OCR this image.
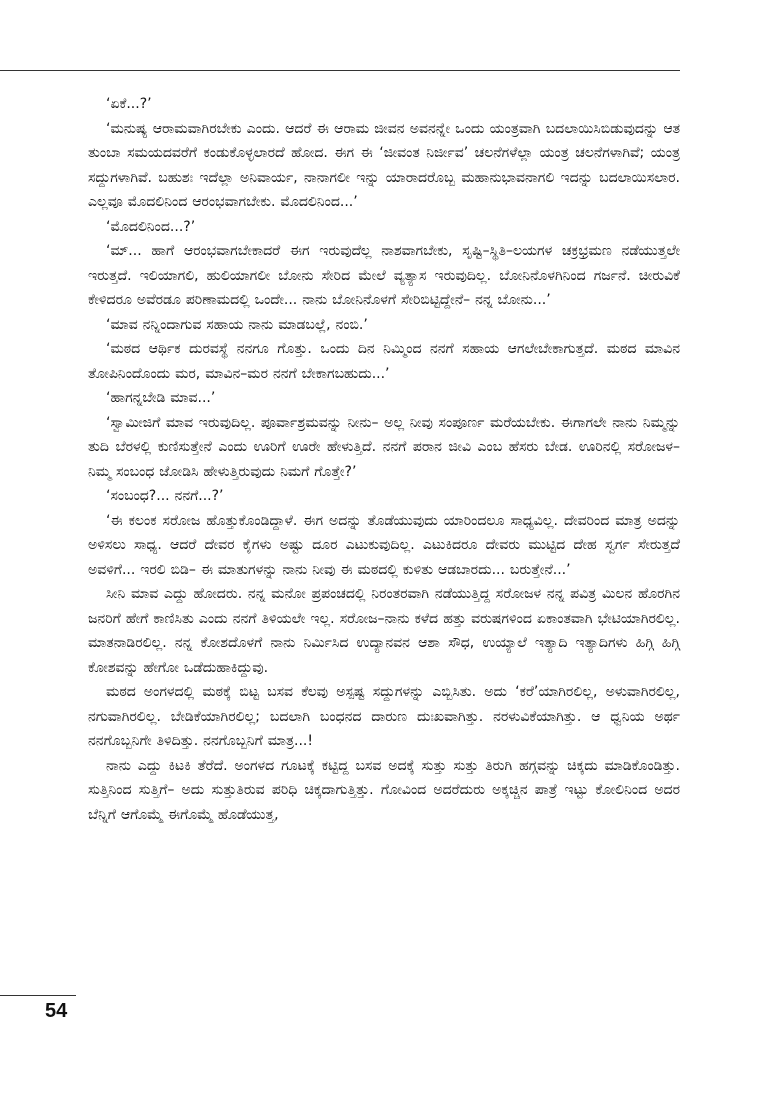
‘ಏಕೆ...?’

‘ಮನುಷ್ಯ ಆರಾಮವಾಗಿರಬೇಕು ಎಂದು. ಆದರೆ ಈ ಆರಾಮ ಜೀವನ ಅವನನ್ನೇ ಒಂದು ಯಂತ್ರವಾಗಿ ಬದಲಾಯಿಸಿಬಿಡುವುದನ್ನು ಆತ ತುಂಬಾ ಸಮಯದವರೆಗೆ ಕಂಡುಕೊಳ್ಳಲಾರದೆ ಹೋದ. ಈಗ ಈ ‘ಜೀವಂತ ನಿರ್ಜೀವ’ ಚಲನೆಗಳೆಲ್ಲಾ ಯಂತ್ರ ಚಲನೆಗಳಾಗಿವೆ; ಯಂತ್ರ ಸದ್ದುಗಳಾಗಿವೆ. ಬಹುಶಃ ಇದೆಲ್ಲಾ ಅನಿವಾರ್ಯ, ನಾನಾಗಲೀ ಇನ್ನು ಯಾರಾದರೊಬ್ಬ ಮಹಾನುಭಾವನಾಗಲಿ ಇದನ್ನು ಬದಲಾಯಿಸಲಾರ. ಎಲ್ಲವೂ ಮೊದಲಿನಿಂದ ಆರಂಭವಾಗಬೇಕು. ಮೊದಲಿನಿಂದ...’

‘ಮೊದಲಿನಿಂದ...?’

‘ಮ್... ಹಾಗೆ ಆರಂಭವಾಗಬೇಕಾದರೆ ಈಗ ಇರುವುದೆಲ್ಲ ನಾಶವಾಗಬೇಕು, ಸೃಷ್ಟಿ–ಸ್ಥಿತಿ–ಲಯಗಳ ಚಕ್ರಭ್ರಮಣ ನಡೆಯುತ್ತಲೇ ಇರುತ್ತದೆ. ಇಲಿಯಾಗಲಿ, ಹುಲಿಯಾಗಲೀ ಬೋನು ಸೇರಿದ ಮೇಲೆ ವ್ಯತ್ಯಾಸ ಇರುವುದಿಲ್ಲ. ಬೋನಿನೊಳಗಿನಿಂದ ಗರ್ಜನೆ. ಚೀರುವಿಕೆ ಕೇಳಿದರೂ ಅವೆರಡೂ ಪರಿಣಾಮದಲ್ಲಿ ಒಂದೇ... ನಾನು ಬೋನಿನೊಳಗೆ ಸೇರಿಬಿಟ್ಟಿದ್ದೇನೆ– ನನ್ನ ಬೋನು...’

‘ಮಾವ ನನ್ನಿಂದಾಗುವ ಸಹಾಯ ನಾನು ಮಾಡಬಲ್ಲೆ, ನಂಬಿ.’

‘ಮಠದ ಆರ್ಥಿಕ ದುರವಸ್ಥೆ ನನಗೂ ಗೊತ್ತು. ಒಂದು ದಿನ ನಿಮ್ಮಿಂದ ನನಗೆ ಸಹಾಯ ಆಗಲೇಬೇಕಾಗುತ್ತದೆ. ಮಠದ ಮಾವಿನ ತೋಪಿನಿಂದೊಂದು ಮರ, ಮಾವಿನ–ಮರ ನನಗೆ ಬೇಕಾಗಬಹುದು...’

‘ಹಾಗನ್ನಬೇಡಿ ಮಾವ...’

‘ಸ್ವಾಮೀಜಿಗೆ ಮಾವ ಇರುವುದಿಲ್ಲ. ಪೂರ್ವಾಶ್ರಮವನ್ನು ನೀನು– ಅಲ್ಲ ನೀವು ಸಂಪೂರ್ಣ ಮರೆಯಬೇಕು. ಈಗಾಗಲೇ ನಾನು ನಿಮ್ಮನ್ನು ತುದಿ ಬೆರಳಲ್ಲಿ ಕುಣಿಸುತ್ತೇನೆ ಎಂದು ಊರಿಗೆ ಊರೇ ಹೇಳುತ್ತಿದೆ. ನನಗೆ ಪರಾನ ಜೀವಿ ಎಂಬ ಹೆಸರು ಬೇಡ. ಊರಿನಲ್ಲಿ ಸರೋಜಳ– ನಿಮ್ಮ ಸಂಬಂಧ ಜೋಡಿಸಿ ಹೇಳುತ್ತಿರುವುದು ನಿಮಗೆ ಗೊತ್ತೇ?’

‘ಸಂಬಂಧ?... ನನಗೆ...?’

‘ಈ ಕಲಂಕ ಸರೋಜ ಹೊತ್ತುಕೊಂಡಿದ್ದಾಳೆ. ಈಗ ಅದನ್ನು ತೊಡೆಯುವುದು ಯಾರಿಂದಲೂ ಸಾಧ್ಯವಿಲ್ಲ. ದೇವರಿಂದ ಮಾತ್ರ ಅದನ್ನು ಅಳಿಸಲು ಸಾಧ್ಯ. ಆದರೆ ದೇವರ ಕೈಗಳು ಅಷ್ಟು ದೂರ ಎಟುಕುವುದಿಲ್ಲ. ಎಟುಕಿದರೂ ದೇವರು ಮುಟ್ಟಿದ ದೇಹ ಸ್ವರ್ಗ ಸೇರುತ್ತದೆ ಅವಳಿಗೆ... ಇರಲಿ ಬಿಡಿ– ಈ ಮಾತುಗಳನ್ನು ನಾನು ನೀವು ಈ ಮಠದಲ್ಲಿ ಕುಳಿತು ಆಡಬಾರದು... ಬರುತ್ತೇನೆ...’

ಸೀನಿ ಮಾವ ಎದ್ದು ಹೋದರು. ನನ್ನ ಮನೋ ಪ್ರಪಂಚದಲ್ಲಿ ನಿರಂತರವಾಗಿ ನಡೆಯುತ್ತಿದ್ದ ಸರೋಜಳ ನನ್ನ ಪವಿತ್ರ ಮಿಲನ ಹೊರಗಿನ ಜನರಿಗೆ ಹೇಗೆ ಕಾಣಿಸಿತು ಎಂದು ನನಗೆ ತಿಳಿಯಲೇ ಇಲ್ಲ. ಸರೋಜ–ನಾನು ಕಳೆದ ಹತ್ತು ವರುಷಗಳಿಂದ ಏಕಾಂತವಾಗಿ ಭೇಟಿಯಾಗಿರಲಿಲ್ಲ. ಮಾತನಾಡಿರಲಿಲ್ಲ. ನನ್ನ ಕೋಶದೊಳಗೆ ನಾನು ನಿರ್ಮಿಸಿದ ಉದ್ಯಾನವನ ಆಶಾ ಸೌಧ, ಉಯ್ಯಾಲೆ ಇತ್ಯಾದಿ ಇತ್ಯಾದಿಗಳು ಹಿಗ್ಗಿ ಹಿಗ್ಗಿ ಕೋಶವನ್ನು ಹೇಗೋ ಒಡೆದುಹಾಕಿದ್ದುವು.

ಮಠದ ಅಂಗಳದಲ್ಲಿ ಮಠಕ್ಕೆ ಬಿಟ್ಟ ಬಸವ ಕೆಲವು ಅಸ್ಪಷ್ಟ ಸದ್ದುಗಳನ್ನು ಎಬ್ಬಿಸಿತು. ಅದು ‘ಕರೆ’ಯಾಗಿರಲಿಲ್ಲ, ಅಳುವಾಗಿರಲಿಲ್ಲ, ನಗುವಾಗಿರಲಿಲ್ಲ. ಬೇಡಿಕೆಯಾಗಿರಲಿಲ್ಲ; ಬದಲಾಗಿ ಬಂಧನದ ದಾರುಣ ದುಃಖವಾಗಿತ್ತು. ನರಳುವಿಕೆಯಾಗಿತ್ತು. ಆ ಧ್ವನಿಯ ಅರ್ಥ ನನಗೊಬ್ಬನಿಗೇ ತಿಳಿದಿತ್ತು. ನನಗೊಬ್ಬನಿಗೆ ಮಾತ್ರ...!

ನಾನು ಎದ್ದು ಕಿಟಕಿ ತೆರೆದೆ. ಅಂಗಳದ ಗೂಟಕ್ಕೆ ಕಟ್ಟಿದ್ದ ಬಸವ ಅದಕ್ಕೆ ಸುತ್ತು ಸುತ್ತು ತಿರುಗಿ ಹಗ್ಗವನ್ನು ಚಿಕ್ಕದು ಮಾಡಿಕೊಂಡಿತ್ತು. ಸುತ್ತಿನಿಂದ ಸುತ್ತಿಗೆ– ಅದು ಸುತ್ತುತಿರುವ ಪರಿಧಿ ಚಿಕ್ಕದಾಗುತ್ತಿತ್ತು. ಗೋವಿಂದ ಅದರೆದುರು ಅಕ್ಕಚ್ಚಿನ ಪಾತ್ರೆ ಇಟ್ಟು ಕೋಲಿನಿಂದ ಅದರ ಬೆನ್ನಿಗೆ ಆಗೊಮ್ಮೆ ಈಗೊಮ್ಮೆ ಹೊಡೆಯುತ್ತ,

54
